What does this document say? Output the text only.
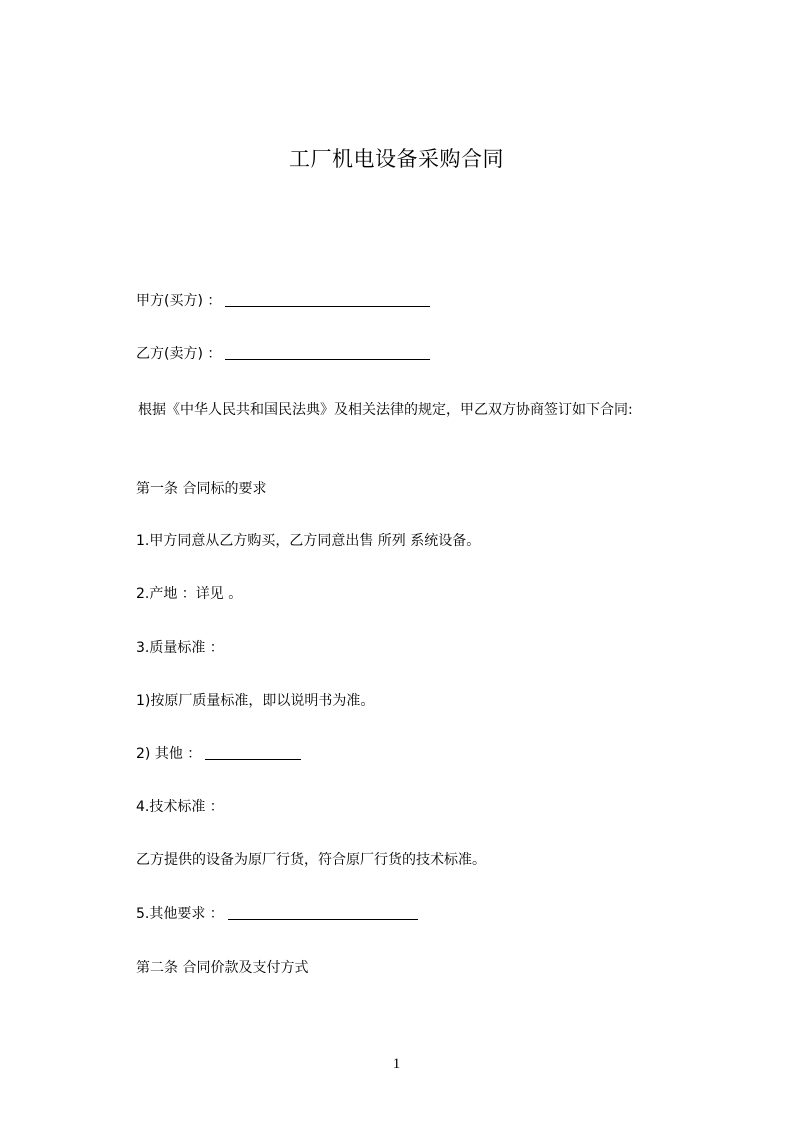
工厂机电设备采购合同
甲方(买方) ：
乙方(卖方) ：
根据《中华人民共和国民法典》及相关法律的规定，甲乙双方协商签订如下合同:
第一条 合同标的要求
1.甲方同意从乙方购买，乙方同意出售 所列 系统设备。
2.产地 ：详见 。
3.质量标准 ：
1)按原厂质量标准，即以说明书为准。
2) 其他 ：
4.技术标准 ：
乙方提供的设备为原厂行货，符合原厂行货的技术标准。
5.其他要求 ：
第二条 合同价款及支付方式
1
